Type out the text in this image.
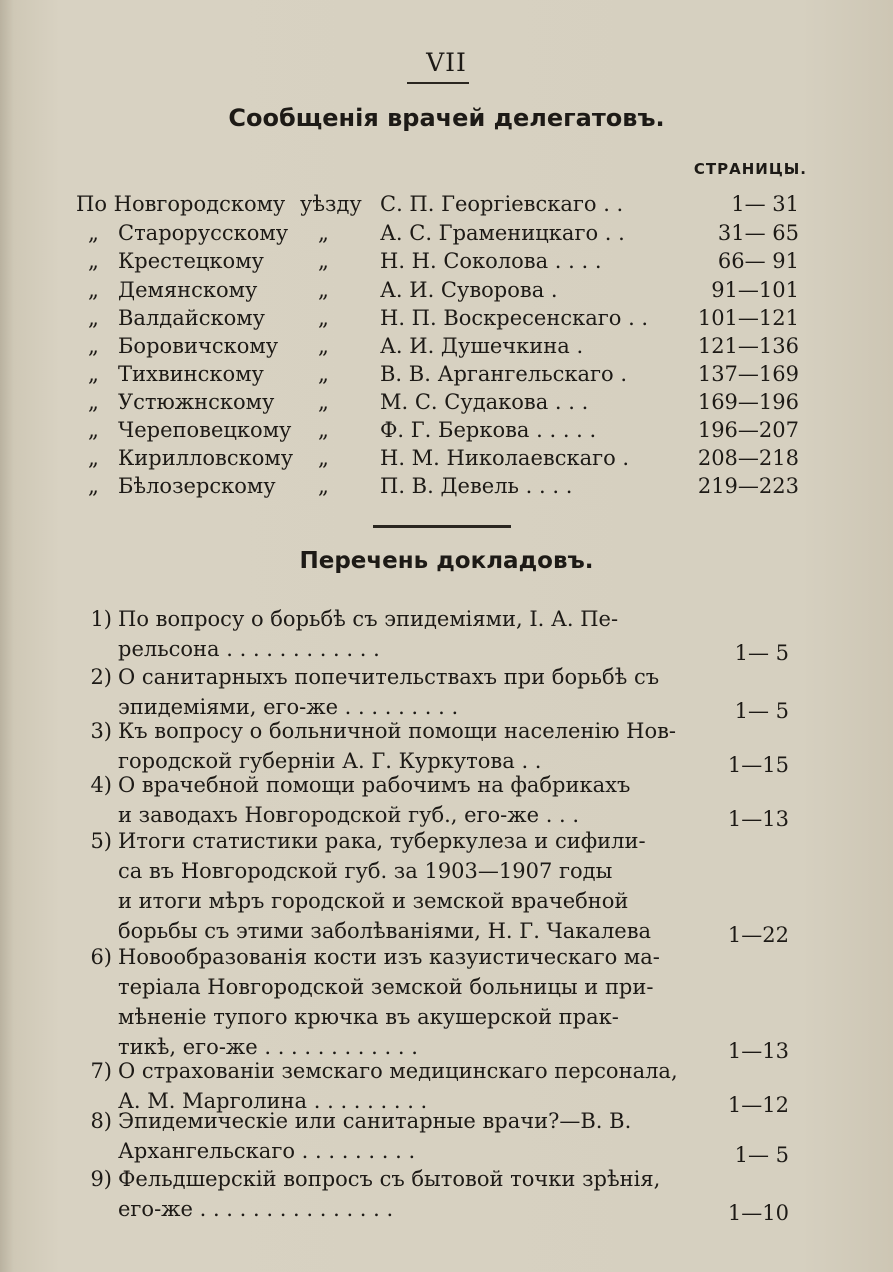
VII
Сообщенія врачей делегатовъ.
СТРАНИЦЫ.
По Новгородскому уѣзду С. П. Георгіевскаго . .	1— 31
„ Старорусскому „ А. С. Граменицкаго . .	31— 65
„ Крестецкому	„ Н. Н. Соколова . . . .	66— 91
„ Демянскому	„ А. И. Суворова .	91—101
„ Валдайскому	„ Н. П. Воскресенскаго . . 101—121
„ Боровичскому „ А. И. Душечкина .	121—136
„ Тихвинскому	„ В. В. Аргангельскаго .	137—169
„ Устюжнскому „ М. С. Судакова . . .	169—196
„ Череповецкому „ Ф. Г. Беркова . . . . .	196—207
„ Кирилловскому „ Н. М. Николаевскаго .	208—218
„ Бѣлозерскому „ П. В. Девель . . . .	219—223
Перечень докладовъ.
1) По вопросу о борьбѣ съ эпидеміями, І. А. Пе-
рельсона . . . . . . . . . . . .	1— 5
2) О санитарныхъ попечительствахъ при борьбѣ съ
эпидеміями, его-же . . . . . . . . .	1— 5
3) Къ вопросу о больничной помощи населенію Нов-
городской губерніи А. Г. Куркутова . .	1—15
4) О врачебной помощи рабочимъ на фабрикахъ
и заводахъ Новгородской губ., его-же . . .	1—13
5) Итоги статистики рака, туберкулеза и сифили-
са въ Новгородской губ. за 1903—1907 годы
и итоги мѣръ городской и земской врачебной
борьбы съ этими заболѣваніями, Н. Г. Чакалева	1—22
6) Новообразованія кости изъ казуистическаго ма-
теріала Новгородской земской больницы и при-
мѣненіе тупого крючка въ акушерской прак-
тикѣ, его-же . . . . . . . . . . . .	1—13
7) О страхованіи земскаго медицинскаго персонала,
А. М. Марголина . . . . . . . . .	1—12
8) Эпидемическіе или санитарные врачи?—В. В.
Архангельскаго . . . . . . . . .	1— 5
9) Фельдшерскій вопросъ съ бытовой точки зрѣнія,
его-же . . . . . . . . . . . . . . .	1—10
